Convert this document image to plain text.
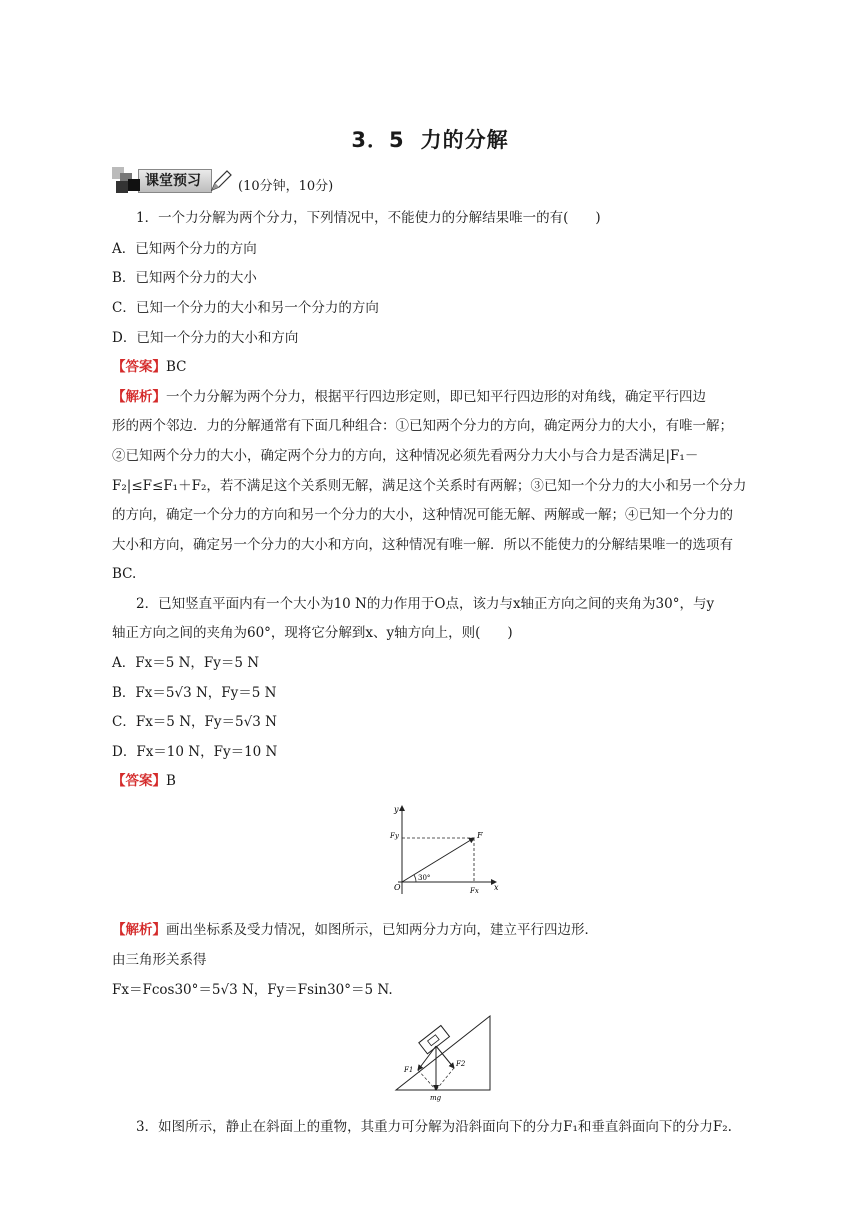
3．5 力的分解
课堂预习	(10分钟，10分)
1．一个力分解为两个分力，下列情况中，不能使力的分解结果唯一的有(　　)
A．已知两个分力的方向
B．已知两个分力的大小
C．已知一个分力的大小和另一个分力的方向
D．已知一个分力的大小和方向
【答案】BC
【解析】一个力分解为两个分力，根据平行四边形定则，即已知平行四边形的对角线，确定平行四边
形的两个邻边．力的分解通常有下面几种组合：①已知两个分力的方向，确定两分力的大小，有唯一解；
②已知两个分力的大小，确定两个分力的方向，这种情况必须先看两分力大小与合力是否满足|F₁－
F₂|≤F≤F₁＋F₂，若不满足这个关系则无解，满足这个关系时有两解；③已知一个分力的大小和另一个分力
的方向，确定一个分力的方向和另一个分力的大小，这种情况可能无解、两解或一解；④已知一个分力的
大小和方向，确定另一个分力的大小和方向，这种情况有唯一解．所以不能使力的分解结果唯一的选项有
BC.
2．已知竖直平面内有一个大小为10 N的力作用于O点，该力与x轴正方向之间的夹角为30°，与y
轴正方向之间的夹角为60°，现将它分解到x、y轴方向上，则(　　)
A．Fx＝5 N，Fy＝5 N
B．Fx＝5√3 N，Fy＝5 N
C．Fx＝5 N，Fy＝5√3 N
D．Fx＝10 N，Fy＝10 N
【答案】B
y
x
O
F
Fy
Fx
30°
【解析】画出坐标系及受力情况，如图所示，已知两分力方向，建立平行四边形．
由三角形关系得
Fx＝Fcos30°＝5√3 N，Fy＝Fsin30°＝5 N.
F1
F2
mg
3．如图所示，静止在斜面上的重物，其重力可分解为沿斜面向下的分力F₁和垂直斜面向下的分力F₂.
